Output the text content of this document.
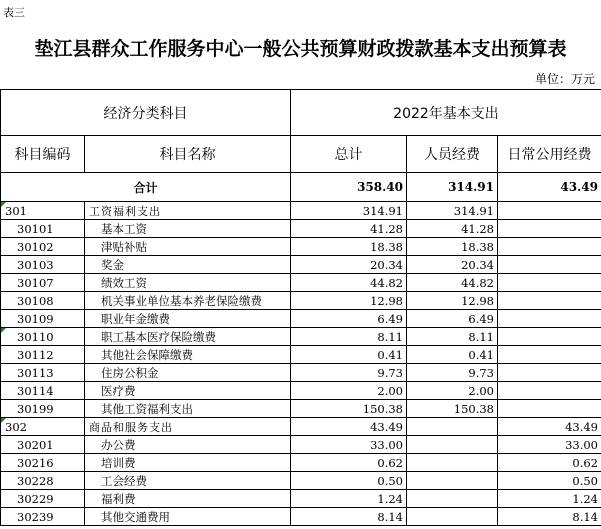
表三
垫江县群众工作服务中心一般公共预算财政拨款基本支出预算表
单位：万元
经济分类科目		2022年基本支出		
科目编码	科目名称	总计	人员经费	日常公用经费
合计		358.40	314.91	43.49
301	工资福利支出	314.91	314.91	
30101	基本工资	41.28	41.28	
30102	津贴补贴	18.38	18.38	
30103	奖金	20.34	20.34	
30107	绩效工资	44.82	44.82	
30108	机关事业单位基本养老保险缴费	12.98	12.98	
30109	职业年金缴费	6.49	6.49	
30110	职工基本医疗保险缴费	8.11	8.11	
30112	其他社会保障缴费	0.41	0.41	
30113	住房公积金	9.73	9.73	
30114	医疗费	2.00	2.00	
30199	其他工资福利支出	150.38	150.38	
302	商品和服务支出	43.49		43.49
30201	办公费	33.00		33.00
30216	培训费	0.62		0.62
30228	工会经费	0.50		0.50
30229	福利费	1.24		1.24
30239	其他交通费用	8.14		8.14
